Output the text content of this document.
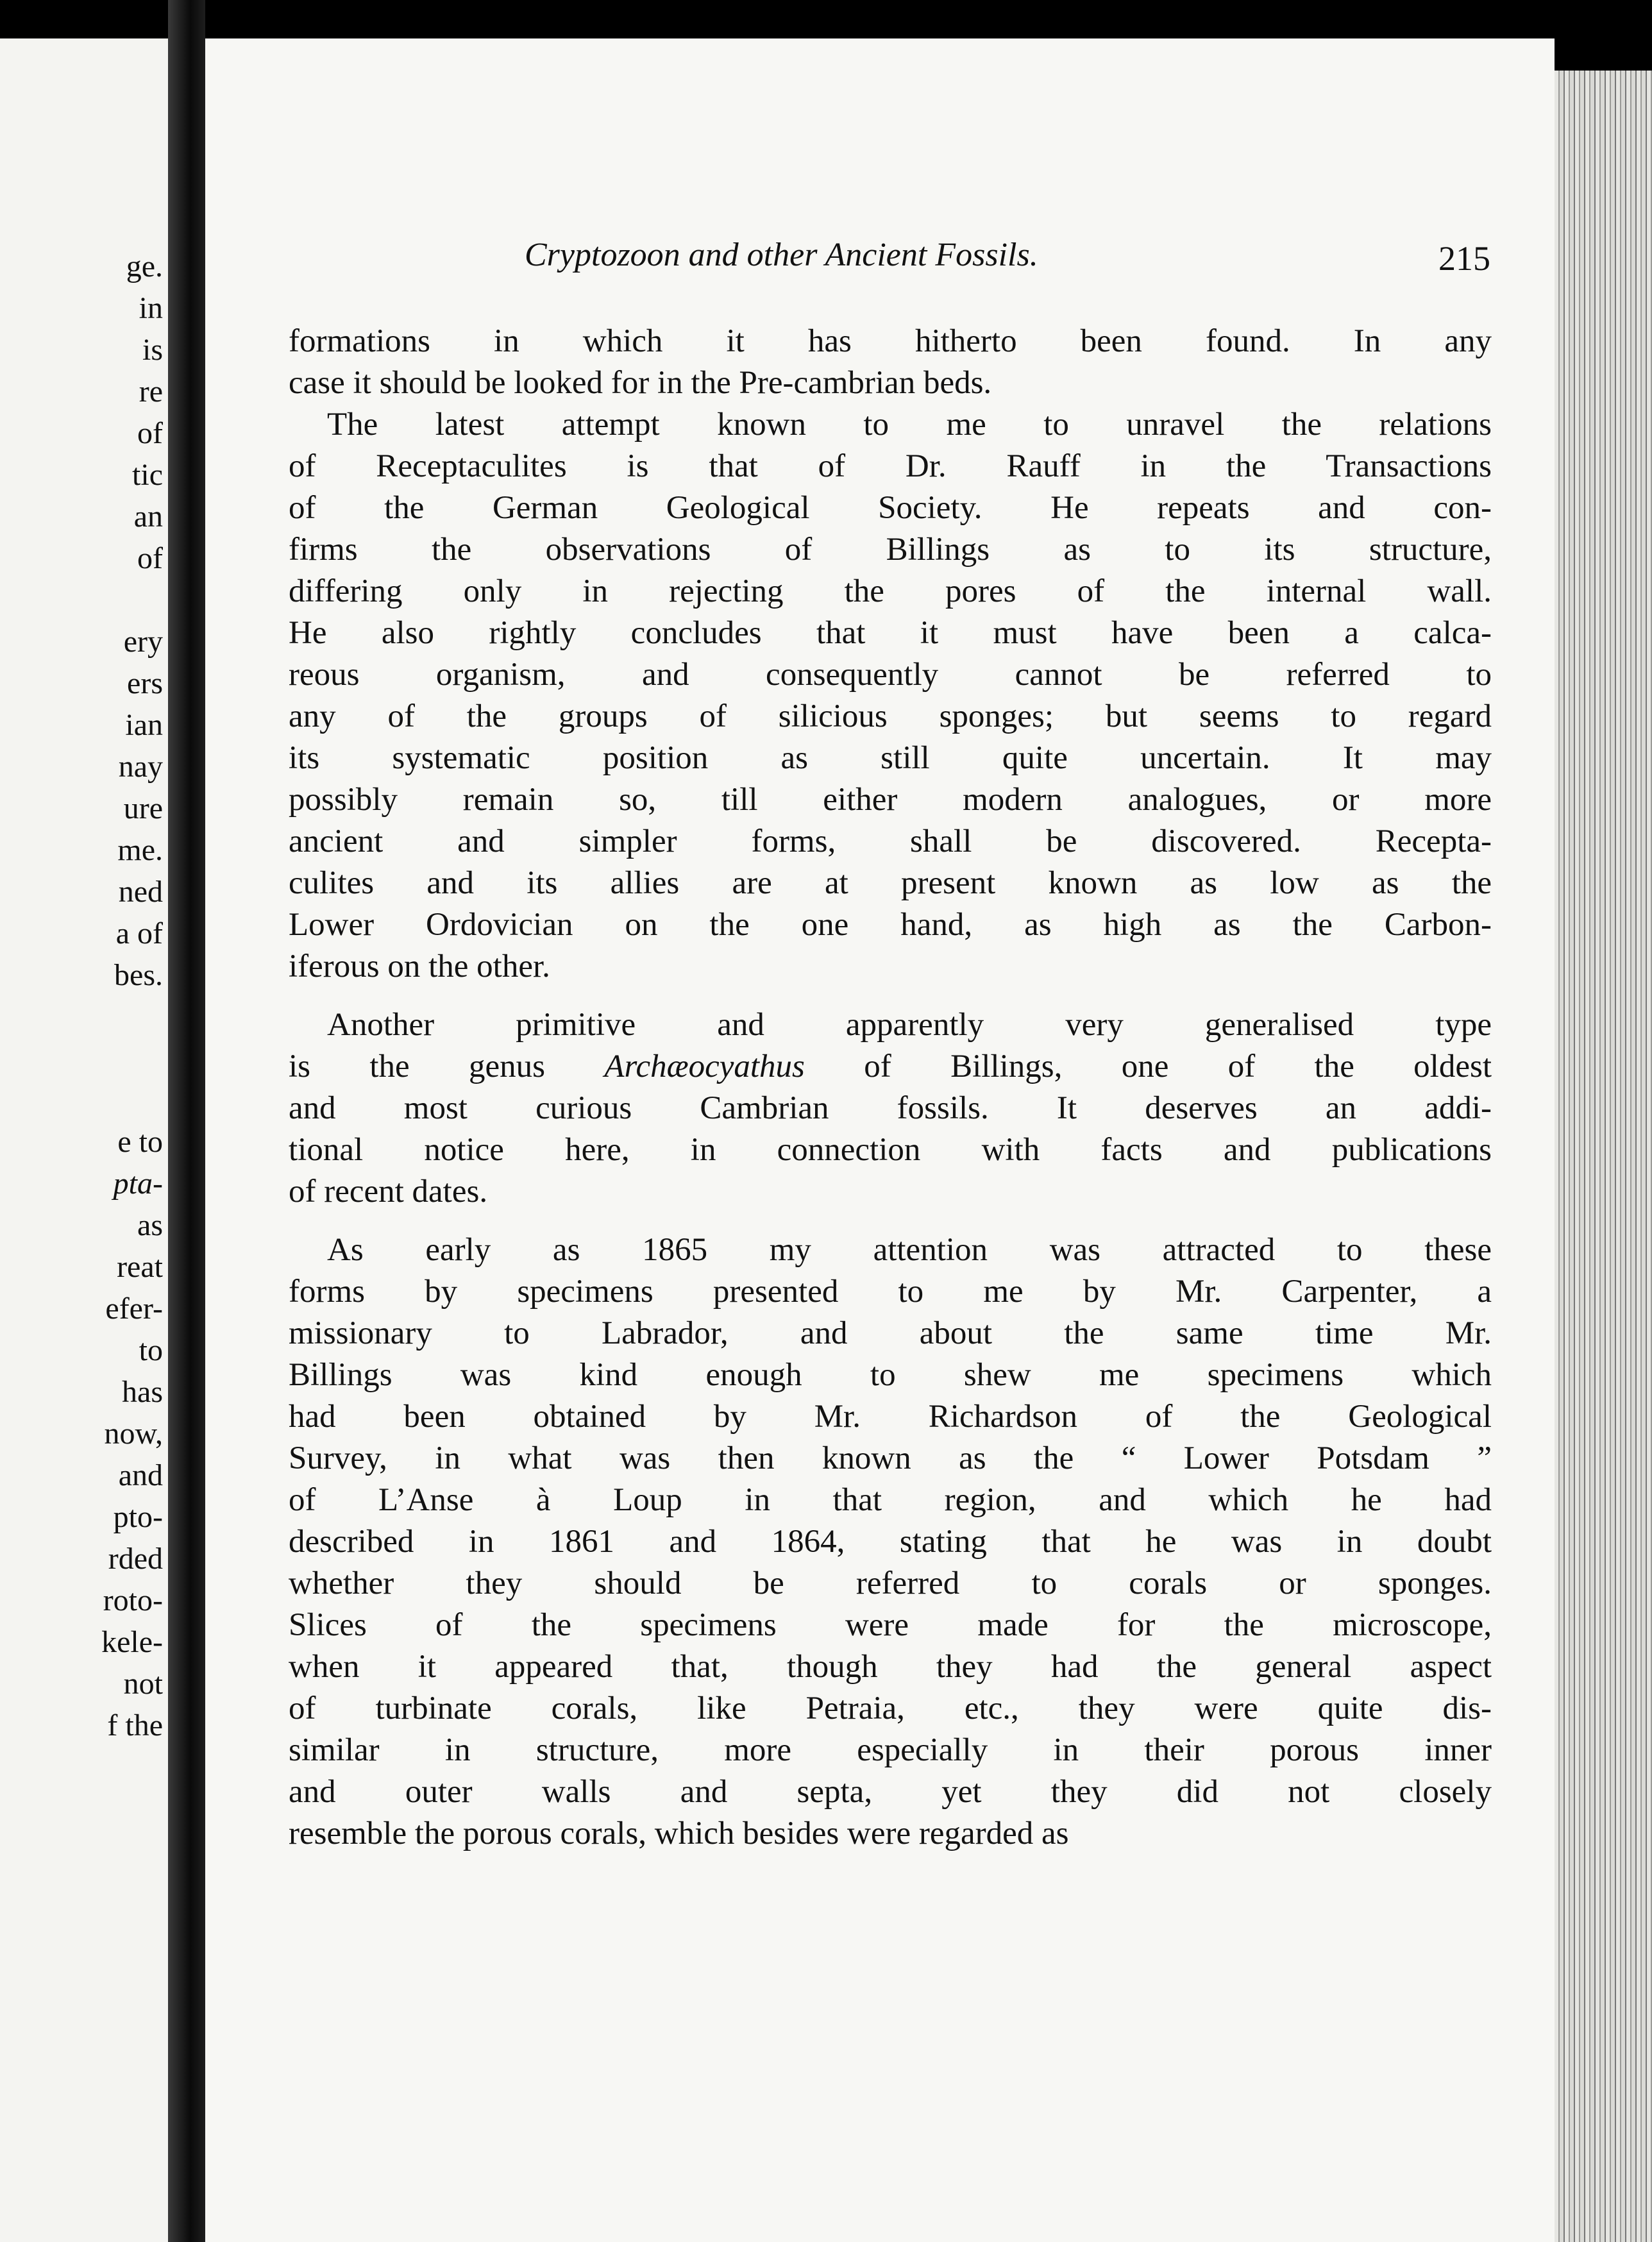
ge.
in
is
re
of
tic
an
of
ery
ers
ian
nay
ure
me.
ned
a of
bes.
e to
pta-
as
reat
efer-
to
has
now,
and
pto-
rded
roto-
kele-
not
f the
Cryptozoon and other Ancient Fossils.	215
formations in which it has hitherto been found. In any
case it should be looked for in the Pre-cambrian beds.
The latest attempt known to me to unravel the relations
of Receptaculites is that of Dr. Rauff in the Transactions
of the German Geological Society. He repeats and con-
firms the observations of Billings as to its structure,
differing only in rejecting the pores of the internal wall.
He also rightly concludes that it must have been a calca-
reous organism, and consequently cannot be referred to
any of the groups of silicious sponges; but seems to regard
its systematic position as still quite uncertain. It may
possibly remain so, till either modern analogues, or more
ancient and simpler forms, shall be discovered. Recepta-
culites and its allies are at present known as low as the
Lower Ordovician on the one hand, as high as the Carbon-
iferous on the other.
Another primitive and apparently very generalised type
is the genus Archæocyathus of Billings, one of the oldest
and most curious Cambrian fossils. It deserves an addi-
tional notice here, in connection with facts and publications
of recent dates.
As early as 1865 my attention was attracted to these
forms by specimens presented to me by Mr. Carpenter, a
missionary to Labrador, and about the same time Mr.
Billings was kind enough to shew me specimens which
had been obtained by Mr. Richardson of the Geological
Survey, in what was then known as the “ Lower Potsdam ”
of L’Anse à Loup in that region, and which he had
described in 1861 and 1864, stating that he was in doubt
whether they should be referred to corals or sponges.
Slices of the specimens were made for the microscope,
when it appeared that, though they had the general aspect
of turbinate corals, like Petraia, etc., they were quite dis-
similar in structure, more especially in their porous inner
and outer walls and septa, yet they did not closely
resemble the porous corals, which besides were regarded as
